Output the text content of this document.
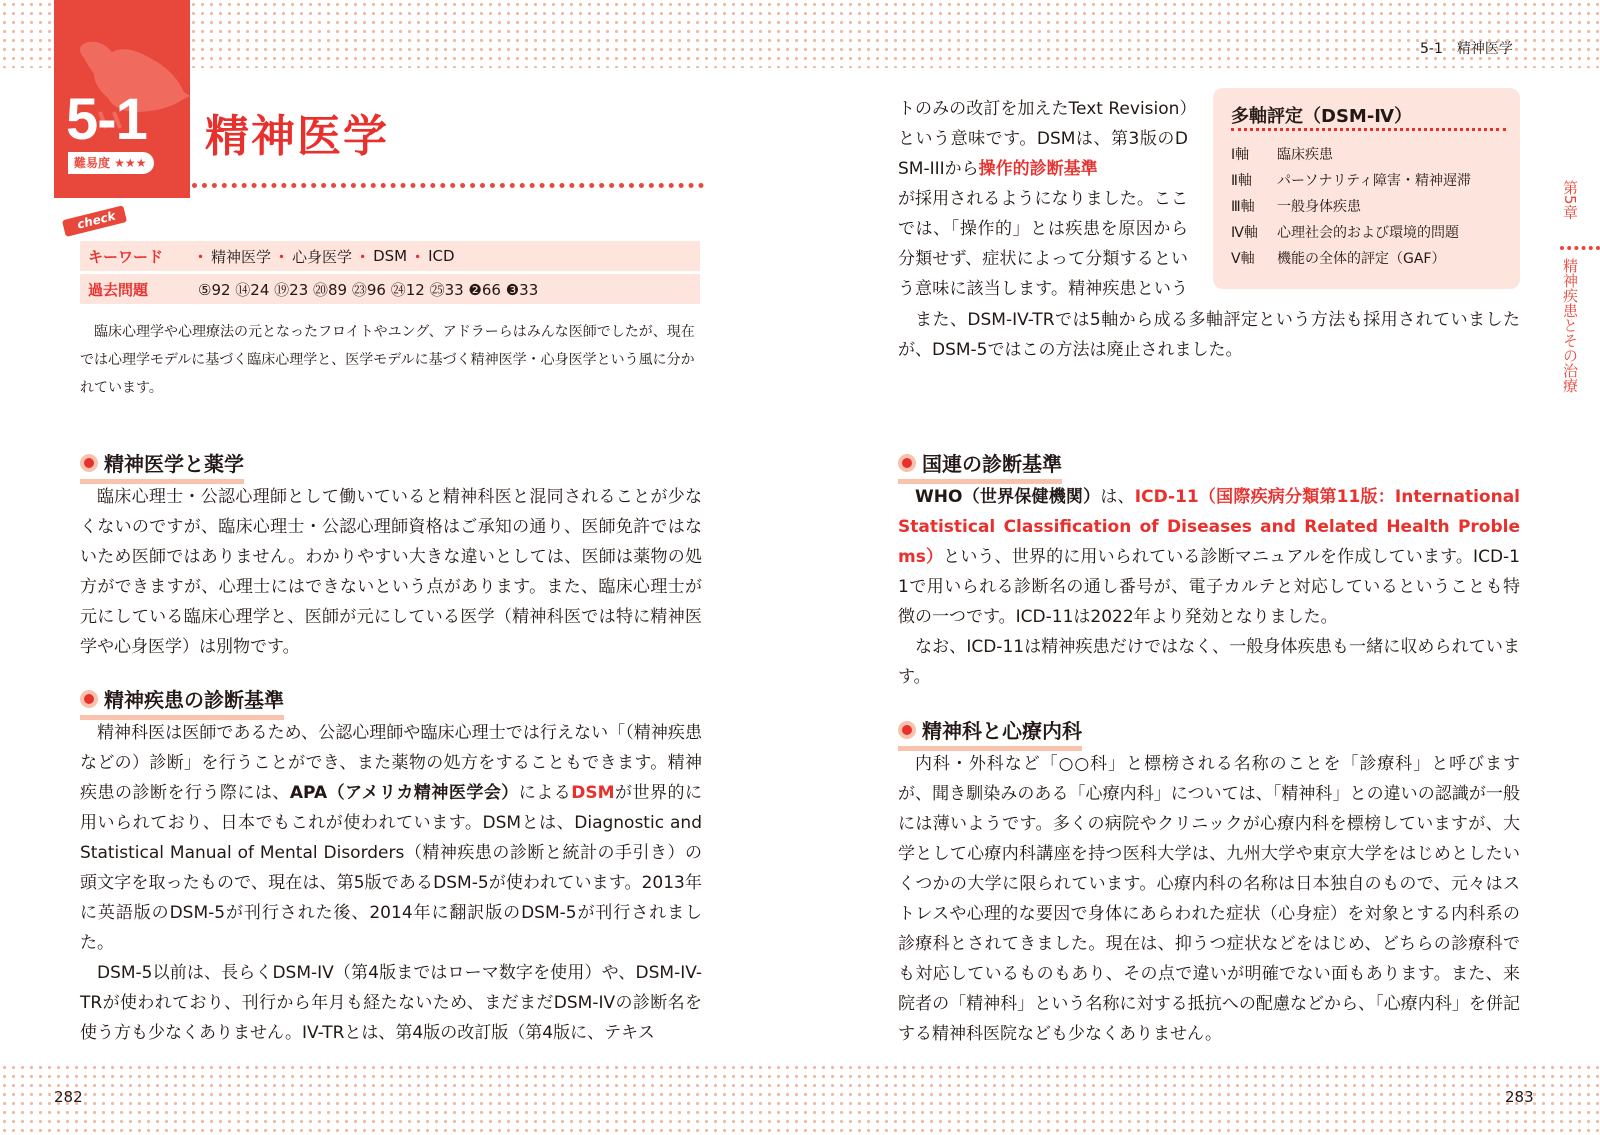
5-1　精神医学
5-1
難易度 ★★★
精神医学
check
キーワード	・ 精神医学 ・ 心身医学 ・ DSM ・ ICD
過去問題	⑤92 ⑭24 ⑲23 ⑳89 ㉓96 ㉔12 ㉕33 ❷66 ❸33
臨床心理学や心理療法の元となったフロイトやユング、アドラーらはみんな医師でしたが、現在では心理学モデルに基づく臨床心理学と、医学モデルに基づく精神医学・心身医学という風に分かれています。
精神医学と薬学

臨床心理士・公認心理師として働いていると精神科医と混同されることが少なくないのですが、臨床心理士・公認心理師資格はご承知の通り、医師免許ではないため医師ではありません。わかりやすい大きな違いとしては、医師は薬物の処方ができますが、心理士にはできないという点があります。また、臨床心理士が元にしている臨床心理学と、医師が元にしている医学（精神科医では特に精神医学や心身医学）は別物です。

精神疾患の診断基準

精神科医は医師であるため、公認心理師や臨床心理士では行えない「（精神疾患などの）診断」を行うことができ、また薬物の処方をすることもできます。精神疾患の診断を行う際には、APA（アメリカ精神医学会）によるDSMが世界的に用いられており、日本でもこれが使われています。DSMとは、Diagnostic and Statistical Manual of Mental Disorders（精神疾患の診断と統計の手引き）の頭文字を取ったもので、現在は、第5版であるDSM-5が使われています。2013年に英語版のDSM-5が刊行された後、2014年に翻訳版のDSM-5が刊行されました。

DSM-5以前は、長らくDSM-IV（第4版まではローマ数字を使用）や、DSM-IV-TRが使われており、刊行から年月も経たないため、まだまだDSM-IVの診断名を使う方も少なくありません。IV-TRとは、第4版の改訂版（第4版に、テキス

トのみの改訂を加えたText Revision）という意味です。DSMは、第3版のDSM-IIIから操作的診断基準

が採用されるようになりました。ここでは、「操作的」とは疾患を原因から分類せず、症状によって分類するという意味に該当します。精神疾患という

また、DSM-IV-TRでは5軸から成る多軸評定という方法も採用されていましたが、DSM-5ではこの方法は廃止されました。

多軸評定（DSM-Ⅳ）
Ⅰ軸	臨床疾患
Ⅱ軸	パーソナリティ障害・精神遅滞
Ⅲ軸	一般身体疾患
Ⅳ軸	心理社会的および環境的問題
Ⅴ軸	機能の全体的評定（GAF）
国連の診断基準

WHO（世界保健機関）は、ICD-11（国際疾病分類第11版：International Statistical Classification of Diseases and Related Health Problems）という、世界的に用いられている診断マニュアルを作成しています。ICD-11で用いられる診断名の通し番号が、電子カルテと対応しているということも特徴の一つです。ICD-11は2022年より発効となりました。

なお、ICD-11は精神疾患だけではなく、一般身体疾患も一緒に収められています。

精神科と心療内科

内科・外科など「○○科」と標榜される名称のことを「診療科」と呼びますが、聞き馴染みのある「心療内科」については、「精神科」との違いの認識が一般には薄いようです。多くの病院やクリニックが心療内科を標榜していますが、大学として心療内科講座を持つ医科大学は、九州大学や東京大学をはじめとしたいくつかの大学に限られています。心療内科の名称は日本独自のもので、元々はストレスや心理的な要因で身体にあらわれた症状（心身症）を対象とする内科系の診療科とされてきました。現在は、抑うつ症状などをはじめ、どちらの診療科でも対応しているものもあり、その点で違いが明確でない面もあります。また、来院者の「精神科」という名称に対する抵抗への配慮などから、「心療内科」を併記する精神科医院なども少なくありません。

第5章
精神疾患とその治療
282	283
